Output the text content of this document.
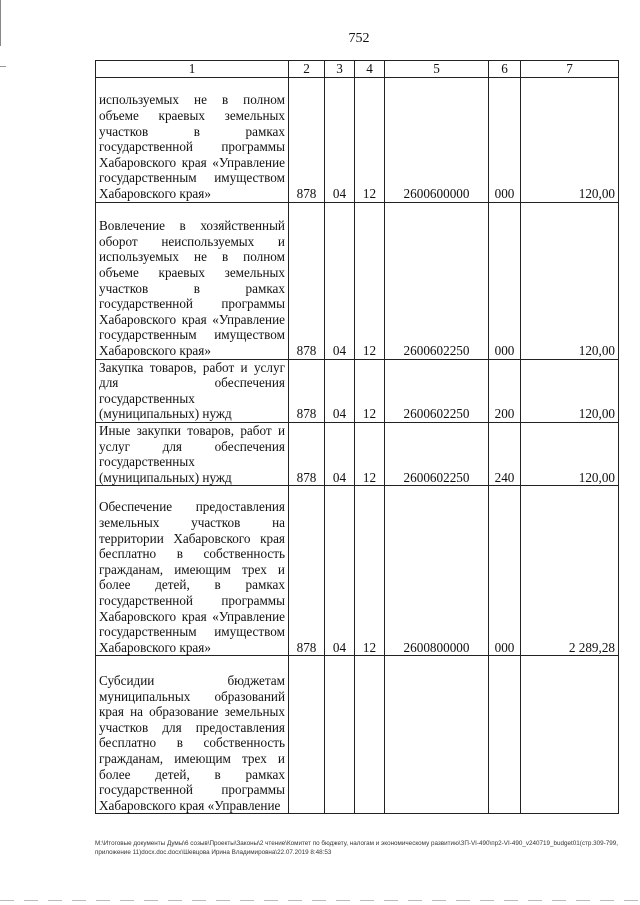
752
1	2	3	4	5	6	7
используемых не в полном объеме краевых земельных участков в рамках государственной программы Хабаровского края «Управление государственным имуществом Хабаровского края»	878	04	12	2600600000	000	120,00
Вовлечение в хозяйственный оборот неиспользуемых и используемых не в полном объеме краевых земельных участков в рамках государственной программы Хабаровского края «Управление государственным имуществом Хабаровского края»	878	04	12	2600602250	000	120,00
Закупка товаров, работ и услуг для обеспечения государственных (муниципальных) нужд	878	04	12	2600602250	200	120,00
Иные закупки товаров, работ и услуг для обеспечения государственных (муниципальных) нужд	878	04	12	2600602250	240	120,00
Обеспечение предоставления земельных участков на территории Хабаровского края бесплатно в собственность гражданам, имеющим трех и более детей, в рамках государственной программы Хабаровского края «Управление государственным имуществом Хабаровского края»	878	04	12	2600800000	000	2 289,28
Субсидии бюджетам муниципальных образований края на образование земельных участков для предоставления бесплатно в собственность гражданам, имеющим трех и более детей, в рамках государственной программы Хабаровского края «Управление						
M:\Итоговые документы Думы\6 созыв\Проекты\Законы\2 чтение\Комитет по бюджету, налогам и экономическому развитию\ЗП-VI-490\пр2-VI-490_v240719_budget01(стр.309-799, приложение 11)docx.doc.docx\Шевцова Ирина Владимировна\22.07.2019 8:48:53
